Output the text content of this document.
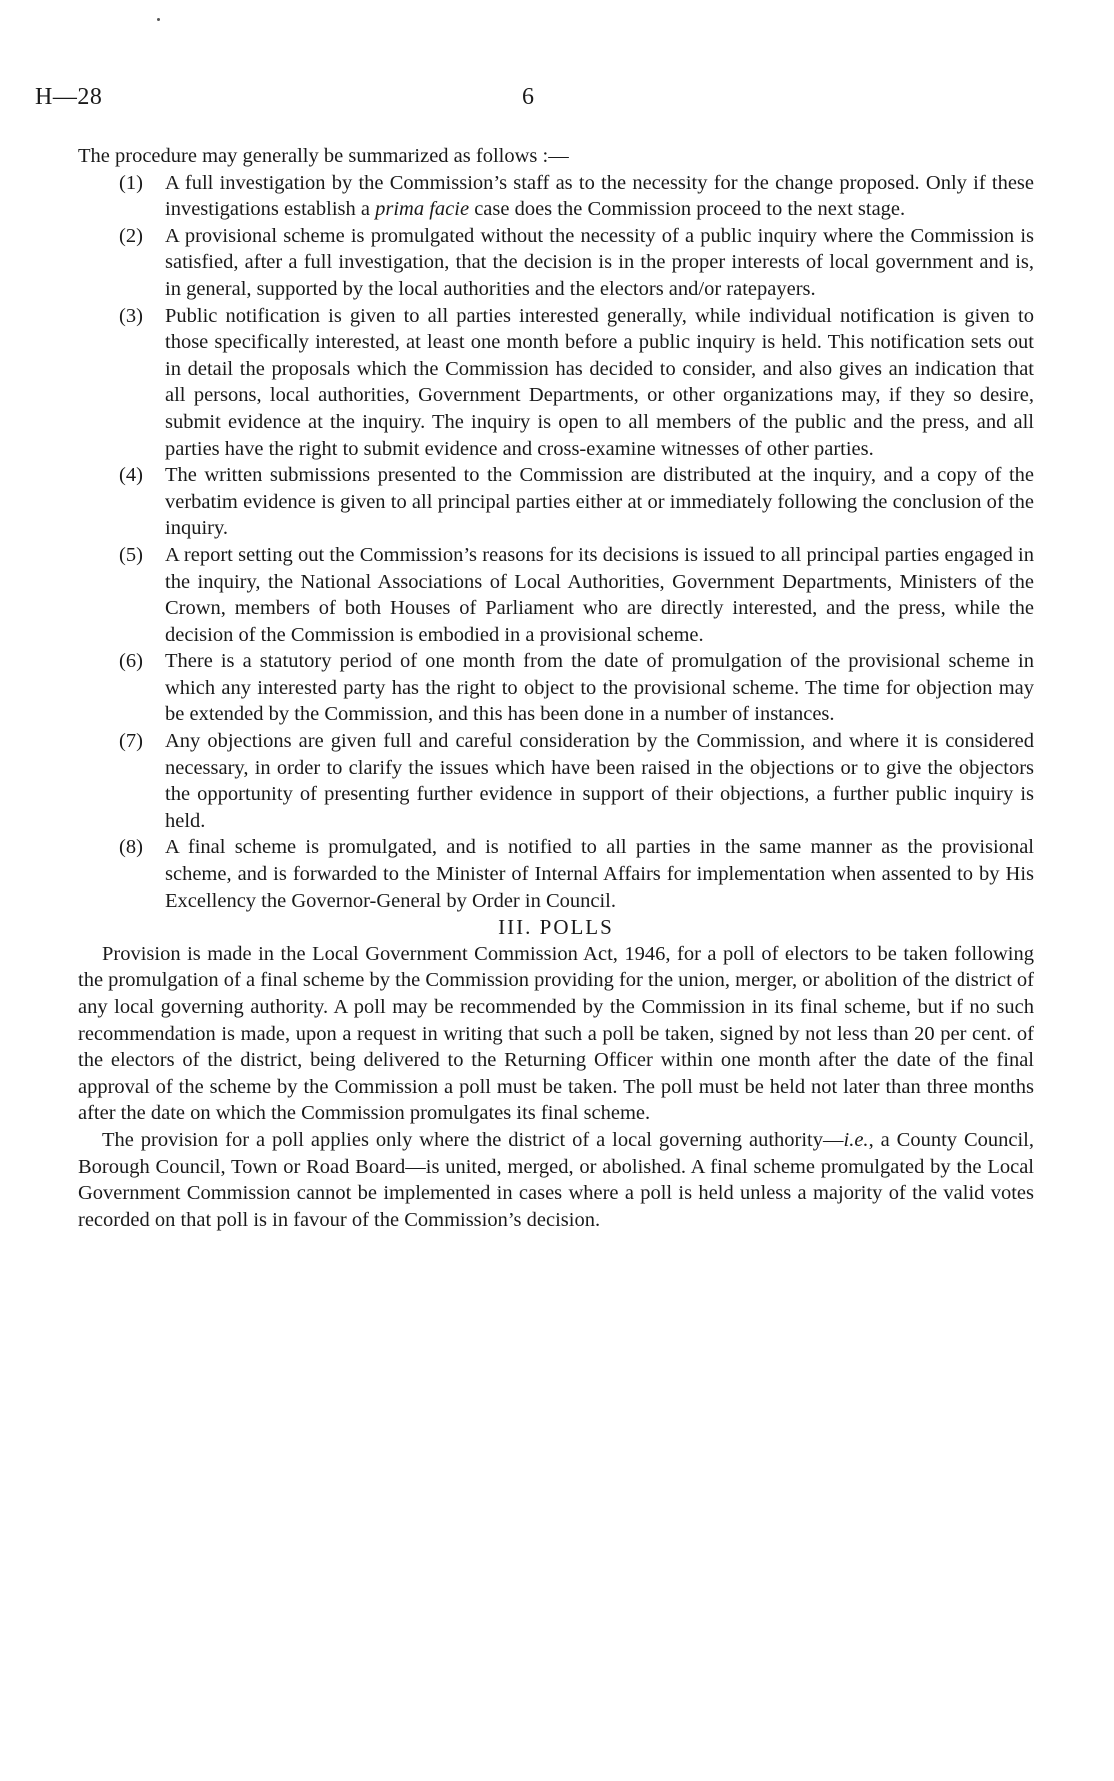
H—28	6

The procedure may generally be summarized as follows :—

(1) A full investigation by the Commission’s staff as to the necessity for the change proposed. Only if these investigations establish a prima facie case does the Commission proceed to the next stage.

(2) A provisional scheme is promulgated without the necessity of a public inquiry where the Commission is satisfied, after a full investigation, that the decision is in the proper interests of local government and is, in general, supported by the local authorities and the electors and/or ratepayers.

(3) Public notification is given to all parties interested generally, while individual notification is given to those specifically interested, at least one month before a public inquiry is held. This notification sets out in detail the proposals which the Commission has decided to consider, and also gives an indication that all persons, local authorities, Government Departments, or other organizations may, if they so desire, submit evidence at the inquiry. The inquiry is open to all members of the public and the press, and all parties have the right to submit evidence and cross-examine witnesses of other parties.

(4) The written submissions presented to the Commission are distributed at the inquiry, and a copy of the verbatim evidence is given to all principal parties either at or immediately following the conclusion of the inquiry.

(5) A report setting out the Commission’s reasons for its decisions is issued to all principal parties engaged in the inquiry, the National Associations of Local Authorities, Government Departments, Ministers of the Crown, members of both Houses of Parliament who are directly interested, and the press, while the decision of the Commission is embodied in a provisional scheme.

(6) There is a statutory period of one month from the date of promulgation of the provisional scheme in which any interested party has the right to object to the provisional scheme. The time for objection may be extended by the Commission, and this has been done in a number of instances.

(7) Any objections are given full and careful consideration by the Commission, and where it is considered necessary, in order to clarify the issues which have been raised in the objections or to give the objectors the opportunity of presenting further evidence in support of their objections, a further public inquiry is held.

(8) A final scheme is promulgated, and is notified to all parties in the same manner as the provisional scheme, and is forwarded to the Minister of Internal Affairs for implementation when assented to by His Excellency the Governor-General by Order in Council.

III. POLLS

Provision is made in the Local Government Commission Act, 1946, for a poll of electors to be taken following the promulgation of a final scheme by the Commission providing for the union, merger, or abolition of the district of any local governing authority. A poll may be recommended by the Commission in its final scheme, but if no such recommendation is made, upon a request in writing that such a poll be taken, signed by not less than 20 per cent. of the electors of the district, being delivered to the Returning Officer within one month after the date of the final approval of the scheme by the Commission a poll must be taken. The poll must be held not later than three months after the date on which the Commission promulgates its final scheme.

The provision for a poll applies only where the district of a local governing authority—i.e., a County Council, Borough Council, Town or Road Board—is united, merged, or abolished. A final scheme promulgated by the Local Government Commission cannot be implemented in cases where a poll is held unless a majority of the valid votes recorded on that poll is in favour of the Commission’s decision.
